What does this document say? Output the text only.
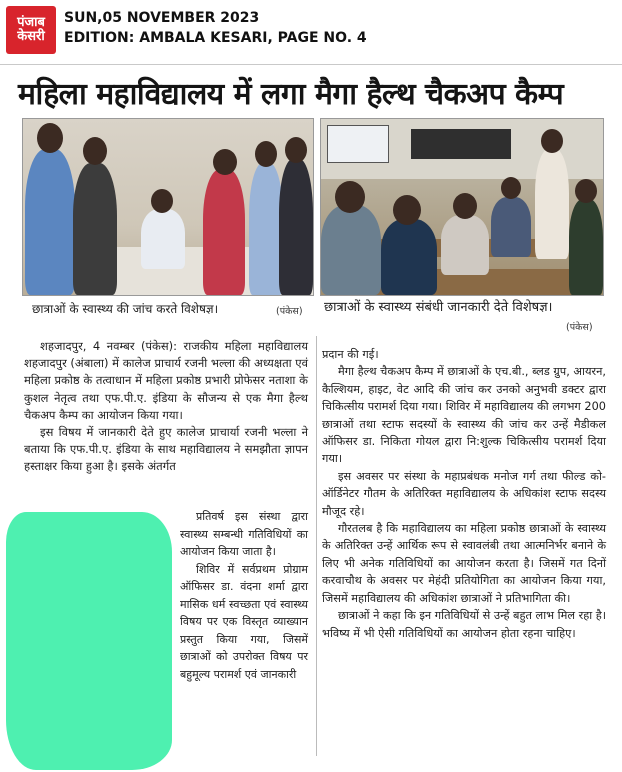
पंजाब
केसरी
SUN,05 NOVEMBER 2023
EDITION: AMBALA KESARI, PAGE NO. 4
महिला महाविद्यालय में लगा मैगा हैल्थ चैकअप कैम्प
छात्राओं के स्वास्थ्य की जांच करते विशेषज्ञ।	(पंकेस) छात्राओं के स्वास्थ्य संबंधी जानकारी देते विशेषज्ञ।
(पंकेस)

शहजादपुर, 4 नवम्बर (पंकेस): राजकीय महिला महाविद्यालय शहजादपुर (अंबाला) में कालेज प्राचार्य रजनी भल्ला की अध्यक्षता एवं महिला प्रकोष्ठ के तत्वाधान में महिला प्रकोष्ठ प्रभारी प्रोफेसर नताशा के कुशल नेतृत्व तथा एफ.पी.ए. इंडिया के सौजन्य से एक मैगा हैल्थ चैकअप कैम्प का आयोजन किया गया।

इस विषय में जानकारी देते हुए कालेज प्राचार्या रजनी भल्ला ने बताया कि एफ.पी.ए. इंडिया के साथ महाविद्यालय ने समझौता ज्ञापन हस्ताक्षर किया हुआ है। इसके अंतर्गत

प्रतिवर्ष इस संस्था द्वारा स्वास्थ्य सम्बन्धी गतिविधियों का आयोजन किया जाता है।

शिविर में सर्वप्रथम प्रोग्राम ऑफिसर डा. वंदना शर्मा द्वारा मासिक धर्म स्वच्छता एवं स्वास्थ्य विषय पर एक विस्तृत व्याख्यान प्रस्तुत किया गया, जिसमें छात्राओं को उपरोक्त विषय पर बहुमूल्य परामर्श एवं जानकारी

प्रदान की गई।

मैगा हैल्थ चैकअप कैम्प में छात्राओं के एच.बी., ब्लड ग्रुप, आयरन, कैल्शियम, हाइट, वेट आदि की जांच कर उनको अनुभवी डक्टर द्वारा चिकित्सीय परामर्श दिया गया। शिविर में महाविद्यालय की लगभग 200 छात्राओं तथा स्टाफ सदस्यों के स्वास्थ्य की जांच कर उन्हें मैडीकल ऑफिसर डा. निकिता गोयल द्वारा नि:शुल्क चिकित्सीय परामर्श दिया गया।

इस अवसर पर संस्था के महाप्रबंधक मनोज गर्ग तथा फील्ड को-ऑर्डिनेटर गौतम के अतिरिक्त महाविद्यालय के अधिकांश स्टाफ सदस्य मौजूद रहे।

गौरतलब है कि महाविद्यालय का महिला प्रकोष्ठ छात्राओं के स्वास्थ्य के अतिरिक्त उन्हें आर्थिक रूप से स्वावलंबी तथा आत्मनिर्भर बनाने के लिए भी अनेक गतिविधियों का आयोजन करता है। जिसमें गत दिनों करवाचौथ के अवसर पर मेहंदी प्रतियोगिता का आयोजन किया गया, जिसमें महाविद्यालय की अधिकांश छात्राओं ने प्रतिभागिता की।

छात्राओं ने कहा कि इन गतिविधियों से उन्हें बहुत लाभ मिल रहा है। भविष्य में भी ऐसी गतिविधियों का आयोजन होता रहना चाहिए।
